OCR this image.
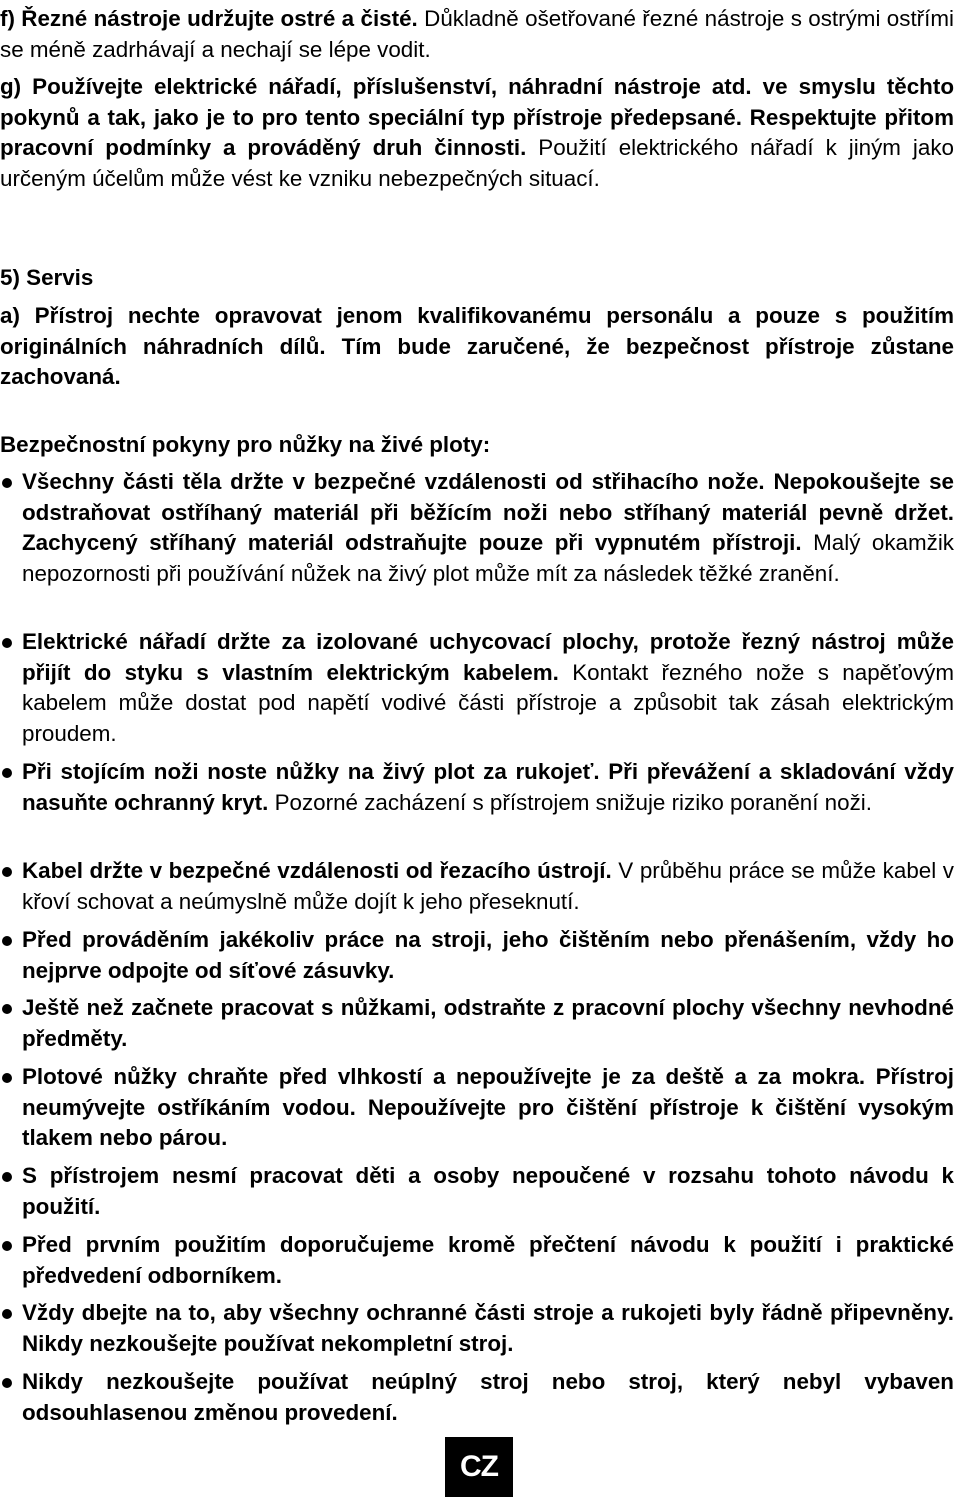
f) Řezné nástroje udržujte ostré a čisté. Důkladně ošetřované řezné nástroje s ostrými ostřími se méně zadrhávají a nechají se lépe vodit.

g) Používejte elektrické nářadí, příslušenství, náhradní nástroje atd. ve smyslu těchto pokynů a tak, jako je to pro tento speciální typ přístroje předepsané. Respektujte přitom pracovní podmínky a prováděný druh činnosti. Použití elektrického nářadí k jiným jako určeným účelům může vést ke vzniku nebezpečných situací.

5) Servis

a) Přístroj nechte opravovat jenom kvalifikovanému personálu a pouze s použitím originálních náhradních dílů. Tím bude zaručené, že bezpečnost přístroje zůstane zachovaná.

Bezpečnostní pokyny pro nůžky na živé ploty:

Všechny části těla držte v bezpečné vzdálenosti od střihacího nože. Nepokoušejte se odstraňovat ostříhaný materiál při běžícím noži nebo stříhaný materiál pevně držet. Zachycený stříhaný materiál odstraňujte pouze při vypnutém přístroji. Malý okamžik nepozornosti při používání nůžek na živý plot může mít za následek těžké zranění.
Elektrické nářadí držte za izolované uchycovací plochy, protože řezný nástroj může přijít do styku s vlastním elektrickým kabelem. Kontakt řezného nože s napěťovým kabelem může dostat pod napětí vodivé části přístroje a způsobit tak zásah elektrickým proudem.
Při stojícím noži noste nůžky na živý plot za rukojeť. Při převážení a skladování vždy nasuňte ochranný kryt. Pozorné zacházení s přístrojem snižuje riziko poranění noži.
Kabel držte v bezpečné vzdálenosti od řezacího ústrojí. V průběhu práce se může kabel v křoví schovat a neúmyslně může dojít k jeho přeseknutí.
Před prováděním jakékoliv práce na stroji, jeho čištěním nebo přenášením, vždy ho nejprve odpojte od síťové zásuvky.
Ještě než začnete pracovat s nůžkami, odstraňte z pracovní plochy všechny nevhodné předměty.
Plotové nůžky chraňte před vlhkostí a nepoužívejte je za deště a za mokra. Přístroj neumývejte ostříkáním vodou. Nepoužívejte pro čištění přístroje k čištění vysokým tlakem nebo párou.
S přístrojem nesmí pracovat děti a osoby nepoučené v rozsahu tohoto návodu k použití.
Před prvním použitím doporučujeme kromě přečtení návodu k použití i praktické předvedení odborníkem.
Vždy dbejte na to, aby všechny ochranné části stroje a rukojeti byly řádně připevněny. Nikdy nezkoušejte používat nekompletní stroj.
Nikdy nezkoušejte používat neúplný stroj nebo stroj, který nebyl vybaven odsouhlasenou změnou provedení.
CZ
